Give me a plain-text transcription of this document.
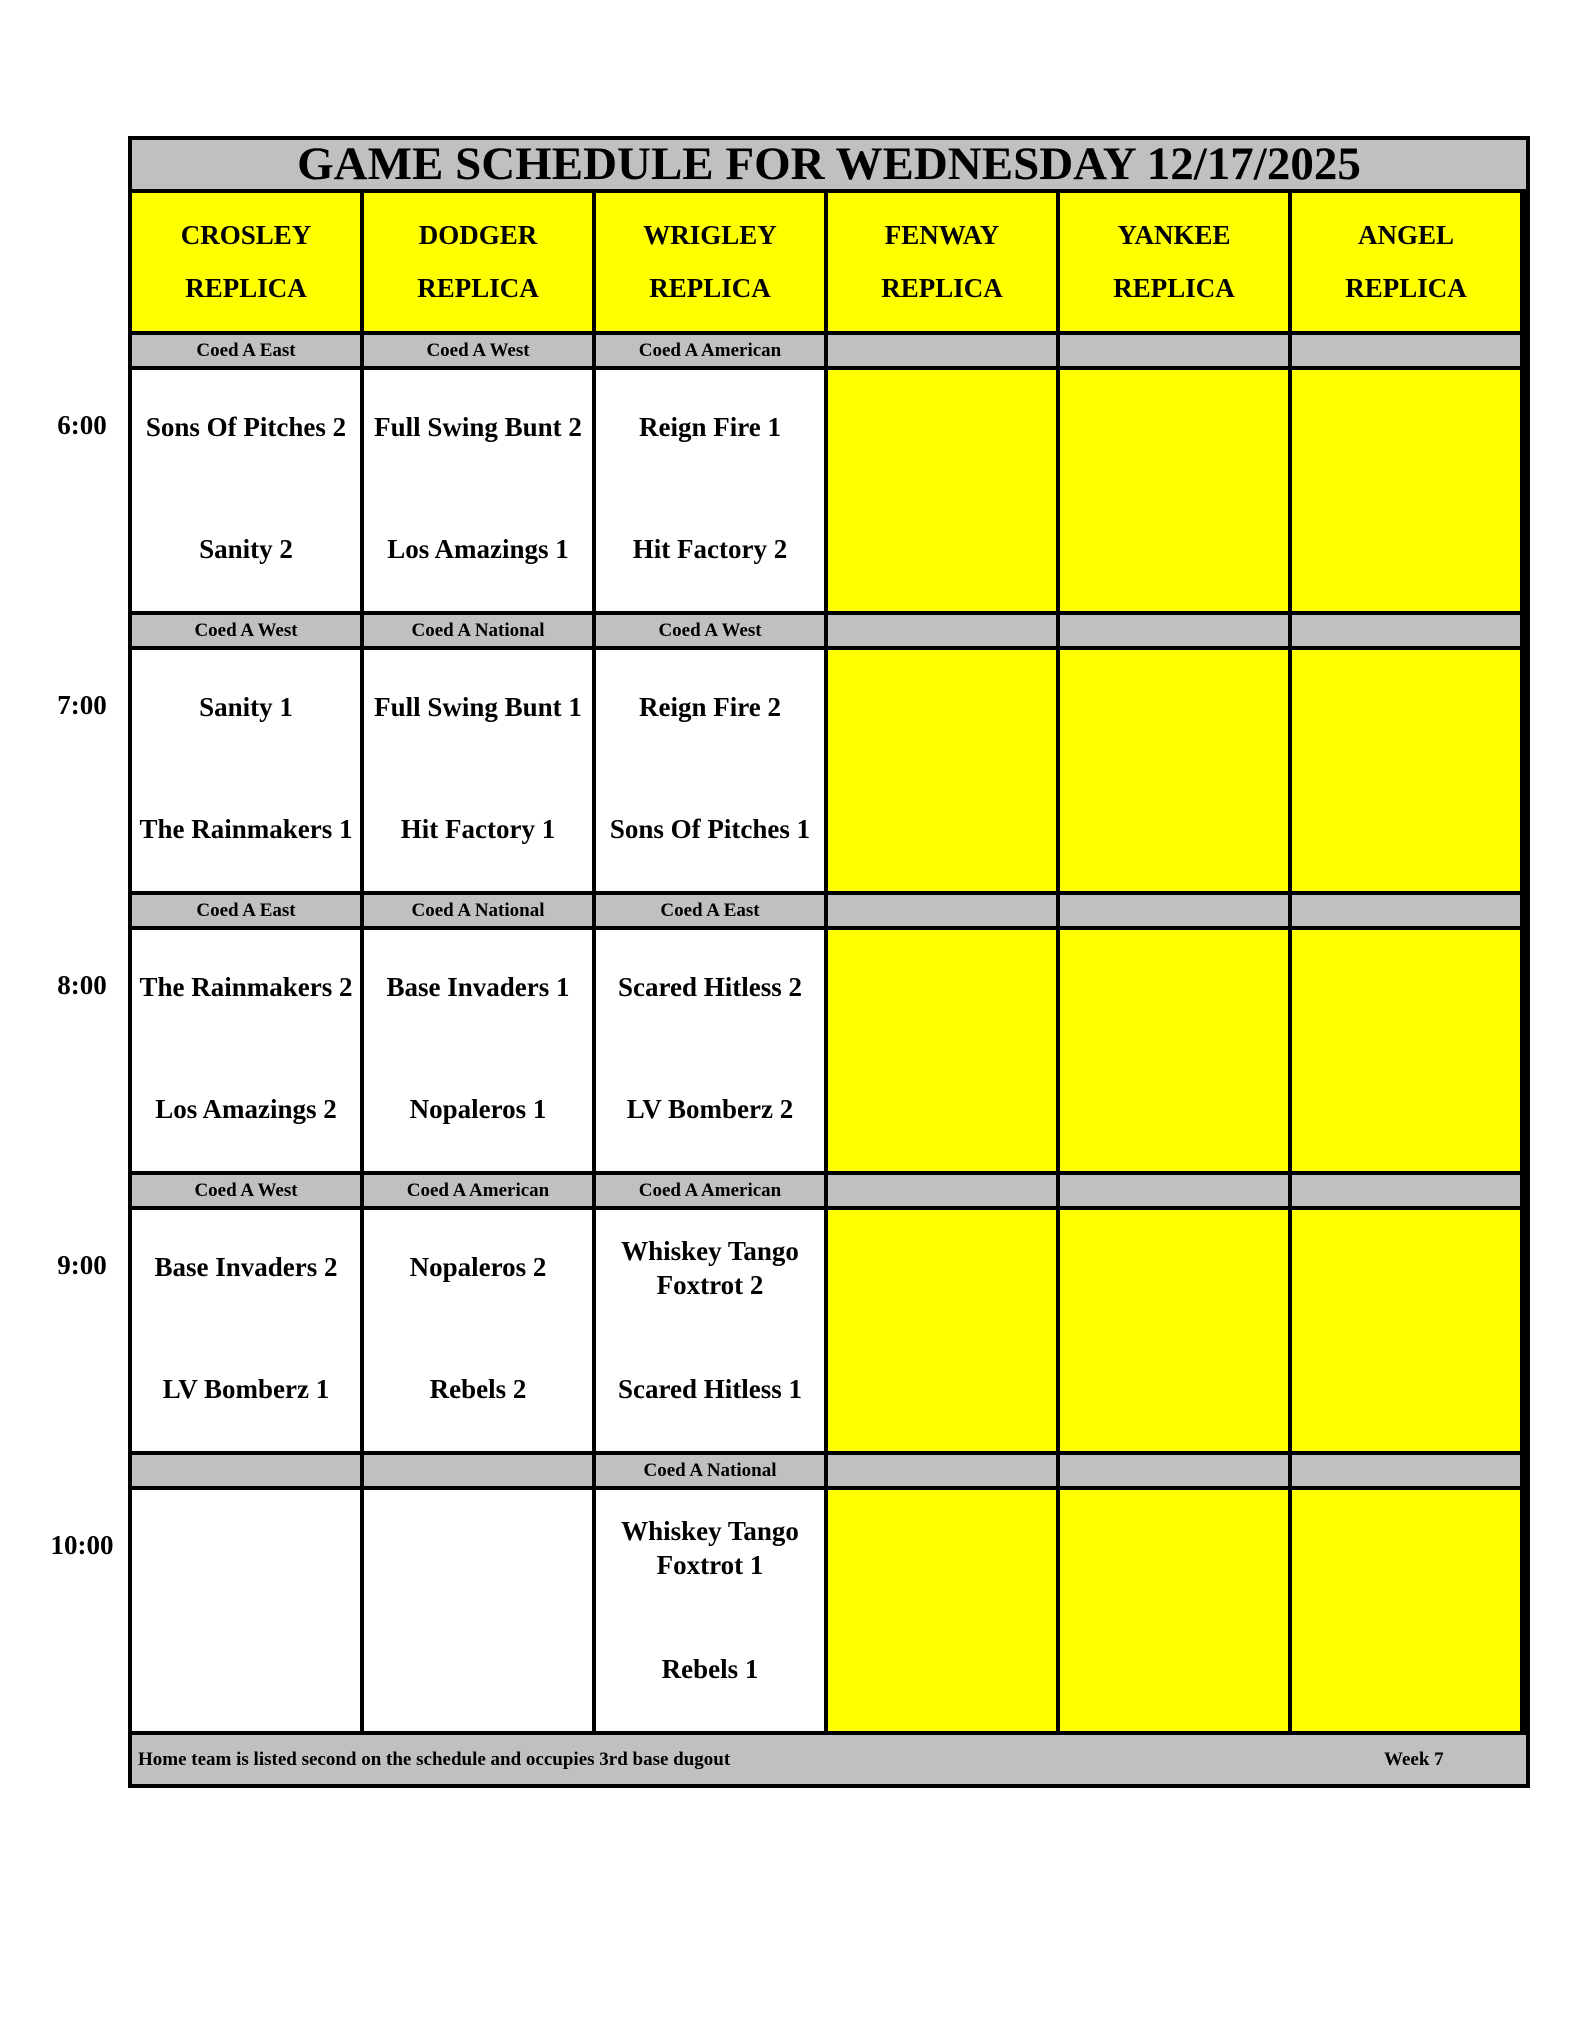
GAME SCHEDULE FOR WEDNESDAY 12/17/2025
CROSLEY
REPLICA
DODGER
REPLICA
WRIGLEY
REPLICA
FENWAY
REPLICA
YANKEE
REPLICA
ANGEL
REPLICA
Coed A East
Sons Of Pitches 2
Sanity 2
Coed A West
Full Swing Bunt 2
Los Amazings 1
Coed A American
Reign Fire 1
Hit Factory 2
Coed A West
Sanity 1
The Rainmakers 1
Coed A National
Full Swing Bunt 1
Hit Factory 1
Coed A West
Reign Fire 2
Sons Of Pitches 1
Coed A East
The Rainmakers 2
Los Amazings 2
Coed A National
Base Invaders 1
Nopaleros 1
Coed A East
Scared Hitless 2
LV Bomberz 2
Coed A West
Base Invaders 2
LV Bomberz 1
Coed A American
Nopaleros 2
Rebels 2
Coed A American
Whiskey Tango Foxtrot 2
Scared Hitless 1
Coed A National
Whiskey Tango Foxtrot 1
Rebels 1
Home team is listed second on the schedule and occupies 3rd base dugout	Week 7
6:00
7:00
8:00
9:00
10:00
